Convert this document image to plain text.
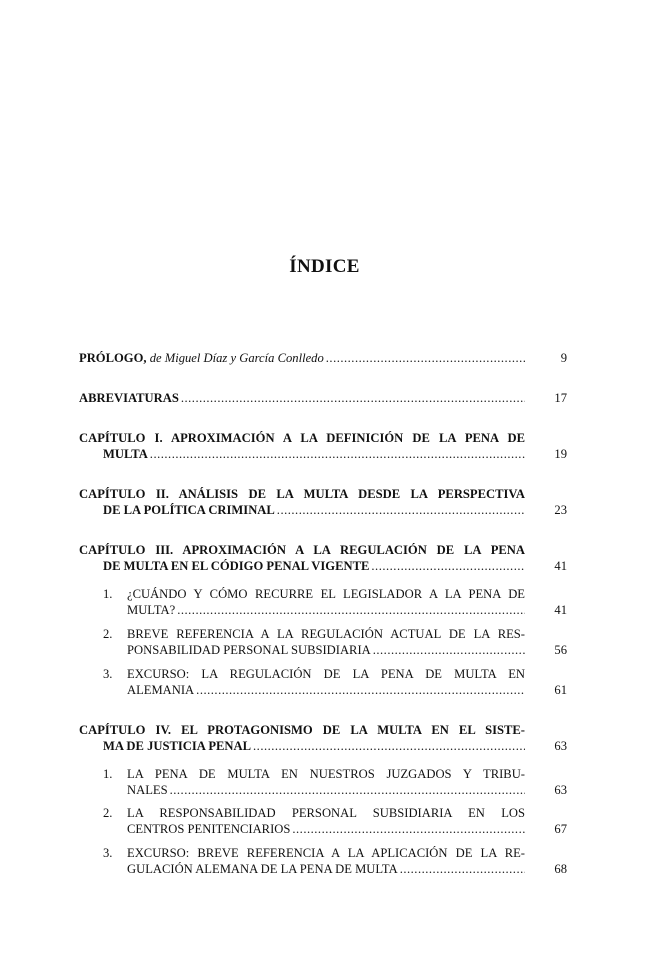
ÍNDICE
PRÓLOGO,
de Miguel Díaz y García Conlledo .....	9
ABREVIATURAS .....	17
CAPÍTULO I. APROXIMACIÓN A LA DEFINICIÓN DE LA PENA DE
MULTA .....	19
CAPÍTULO II. ANÁLISIS DE LA MULTA DESDE LA PERSPECTIVA
DE LA POLÍTICA CRIMINAL .....	23
CAPÍTULO III. APROXIMACIÓN A LA REGULACIÓN DE LA PENA
DE MULTA EN EL CÓDIGO PENAL VIGENTE .....	41
1. ¿CUÁNDO Y CÓMO RECURRE EL LEGISLADOR A LA PENA DE
MULTA? .....	41
2. BREVE REFERENCIA A LA REGULACIÓN ACTUAL DE LA RES-
PONSABILIDAD PERSONAL SUBSIDIARIA .....	56
3. EXCURSO: LA REGULACIÓN DE LA PENA DE MULTA EN
ALEMANIA .....	61
CAPÍTULO IV. EL PROTAGONISMO DE LA MULTA EN EL SISTE-
MA DE JUSTICIA PENAL .....	63
1. LA PENA DE MULTA EN NUESTROS JUZGADOS Y TRIBU-
NALES .....	63
2. LA RESPONSABILIDAD PERSONAL SUBSIDIARIA EN LOS
CENTROS PENITENCIARIOS .....	67
3. EXCURSO: BREVE REFERENCIA A LA APLICACIÓN DE LA RE-
GULACIÓN ALEMANA DE LA PENA DE MULTA .....	68
